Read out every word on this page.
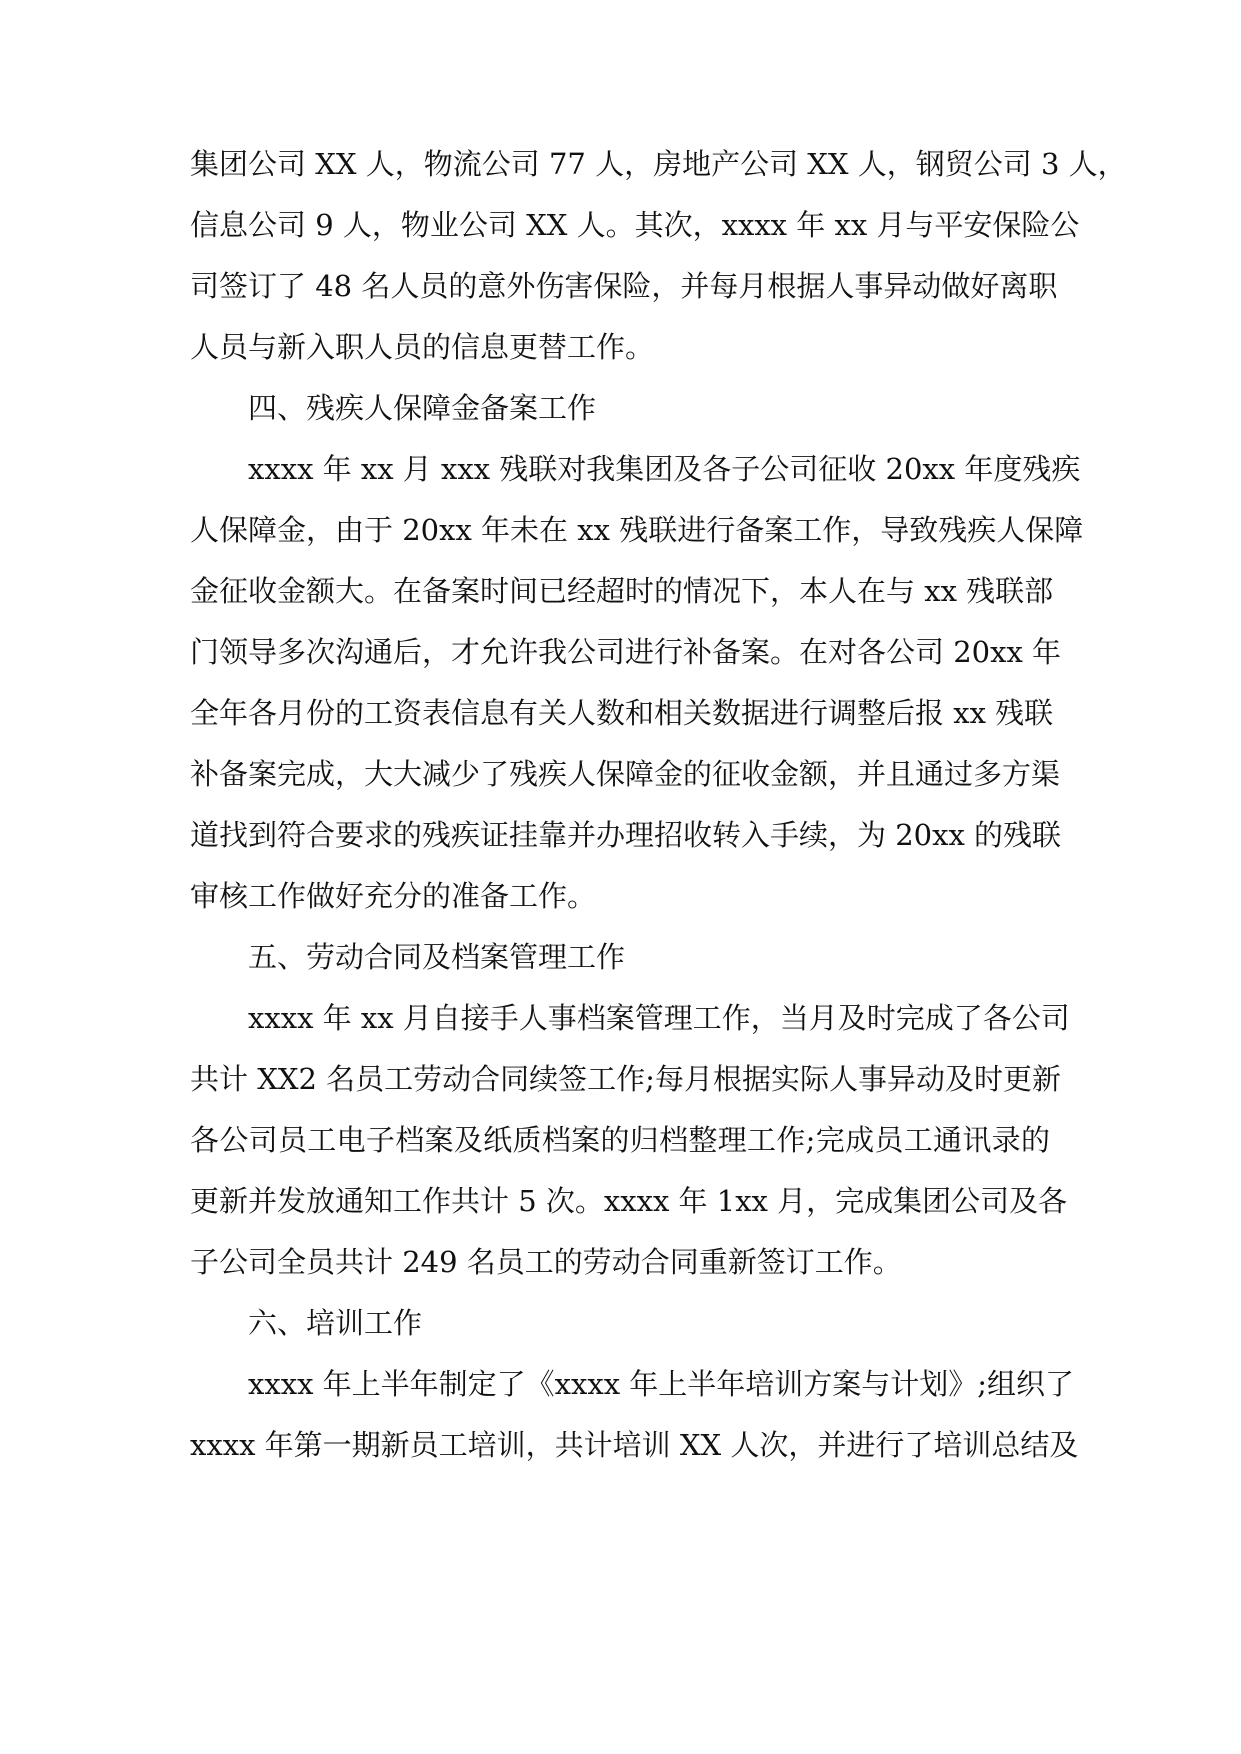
集团公司 XX 人，物流公司 77 人，房地产公司 XX 人，钢贸公司 3 人，
信息公司 9 人，物业公司 XX 人。其次，xxxx 年 xx 月与平安保险公
司签订了 48 名人员的意外伤害保险，并每月根据人事异动做好离职
人员与新入职人员的信息更替工作。
四、残疾人保障金备案工作
xxxx 年 xx 月 xxx 残联对我集团及各子公司征收 20xx 年度残疾
人保障金，由于 20xx 年未在 xx 残联进行备案工作，导致残疾人保障
金征收金额大。在备案时间已经超时的情况下，本人在与 xx 残联部
门领导多次沟通后，才允许我公司进行补备案。在对各公司 20xx 年
全年各月份的工资表信息有关人数和相关数据进行调整后报 xx 残联
补备案完成，大大减少了残疾人保障金的征收金额，并且通过多方渠
道找到符合要求的残疾证挂靠并办理招收转入手续，为 20xx 的残联
审核工作做好充分的准备工作。
五、劳动合同及档案管理工作
xxxx 年 xx 月自接手人事档案管理工作，当月及时完成了各公司
共计 XX2 名员工劳动合同续签工作;每月根据实际人事异动及时更新
各公司员工电子档案及纸质档案的归档整理工作;完成员工通讯录的
更新并发放通知工作共计 5 次。xxxx 年 1xx 月，完成集团公司及各
子公司全员共计 249 名员工的劳动合同重新签订工作。
六、培训工作
xxxx 年上半年制定了《xxxx 年上半年培训方案与计划》;组织了
xxxx 年第一期新员工培训，共计培训 XX 人次，并进行了培训总结及
